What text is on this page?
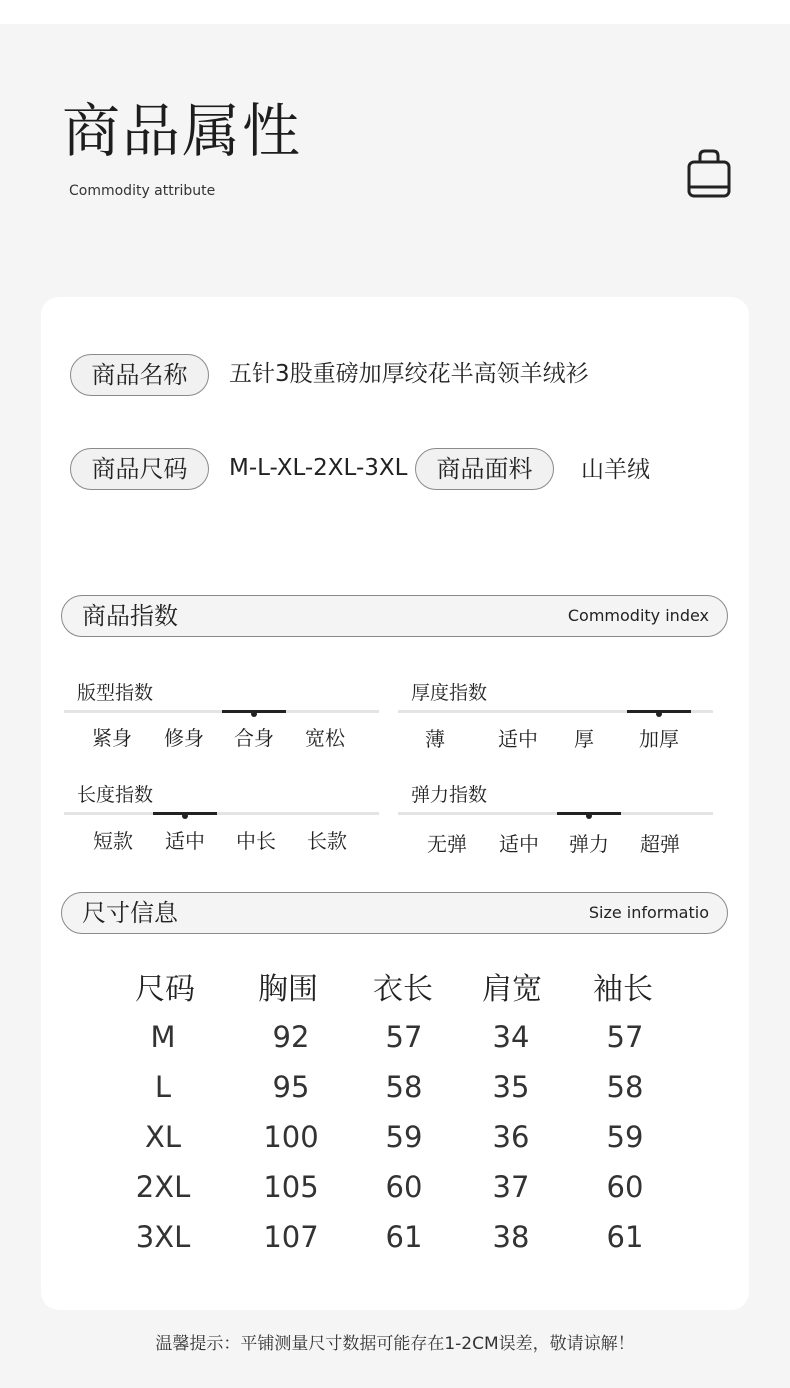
商品属性
Commodity attribute
商品名称	五针3股重磅加厚绞花半高领羊绒衫
商品尺码	M-L-XL-2XL-3XL	商品面料	山羊绒
商品指数	Commodity index
版型指数
紧身 修身 合身 宽松
厚度指数
薄	适中 厚 加厚
长度指数
短款 适中 中长 长款
弹力指数
无弹 适中 弹力 超弹
尺寸信息	Size informatio
尺码 胸围 衣长 肩宽 袖长
M	92	57 34	57
L	95	58 35	58
XL	100 59 36	59
2XL	105 60 37	60
3XL	107 61 38	61
温馨提示：平铺测量尺寸数据可能存在1-2CM误差，敬请谅解！
